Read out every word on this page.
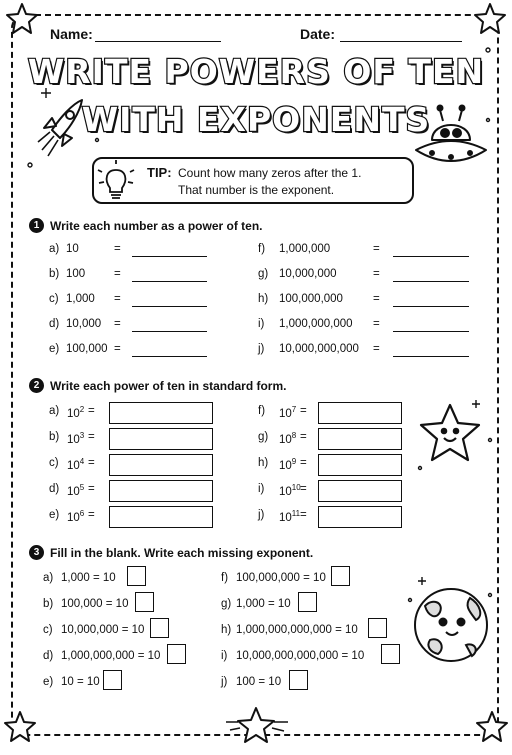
Name:	Date:
WRITE POWERS OF TEN
WITH EXPONENTS
TIP: Count how many zeros after the 1.
That number is the exponent.
1 Write each number as a power of ten.
a) 10	=
b) 100	=
c) 1,000 =
d) 10,000 =
e) 100,000 =
f) 1,000,000	=
g) 10,000,000	=
h) 100,000,000	=
i) 1,000,000,000 =
j) 10,000,000,000 =
2 Write each power of ten in standard form.
a) $10^2$ =
b) $10^3$ =
c) $10^4$ =
d) $10^5$ =
e) $10^6$ =
f) $10^7$ =
g) $10^8$ =
h) $10^9$ =
i) $10^{10}$ =
j) $10^{11}$ =
3 Fill in the blank. Write each missing exponent.
a) 1,000 = 10
b) 100,000 = 10
c) 10,000,000 = 10
d) 1,000,000,000 = 10
e) 10 = 10
f) 100,000,000 = 10
g) 1,000 = 10
h) 1,000,000,000,000 = 10
i) 10,000,000,000,000 = 10
j) 100 = 10
